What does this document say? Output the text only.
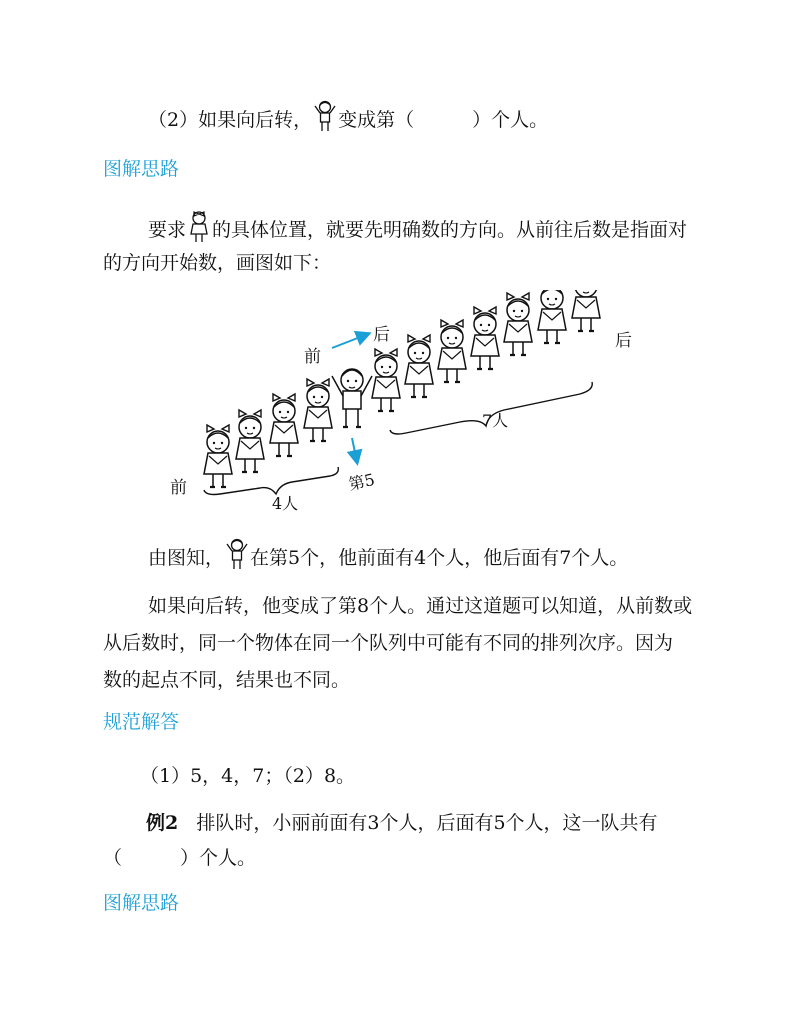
（2）如果向后转， 变成第（	）个人。
图解思路
要求 的具体位置，就要先明确数的方向。从前往后数是指面对
的方向开始数，画图如下：
前
后
前
后
4人
7人
第5
由图知， 在第5个，他前面有4个人，他后面有7个人。
如果向后转，他变成了第8个人。通过这道题可以知道，从前数或
从后数时，同一个物体在同一个队列中可能有不同的排列次序。因为
数的起点不同，结果也不同。
规范解答
（1）5，4，7；（2）8。
例2 排队时，小丽前面有3个人，后面有5个人，这一队共有
（	）个人。
图解思路
